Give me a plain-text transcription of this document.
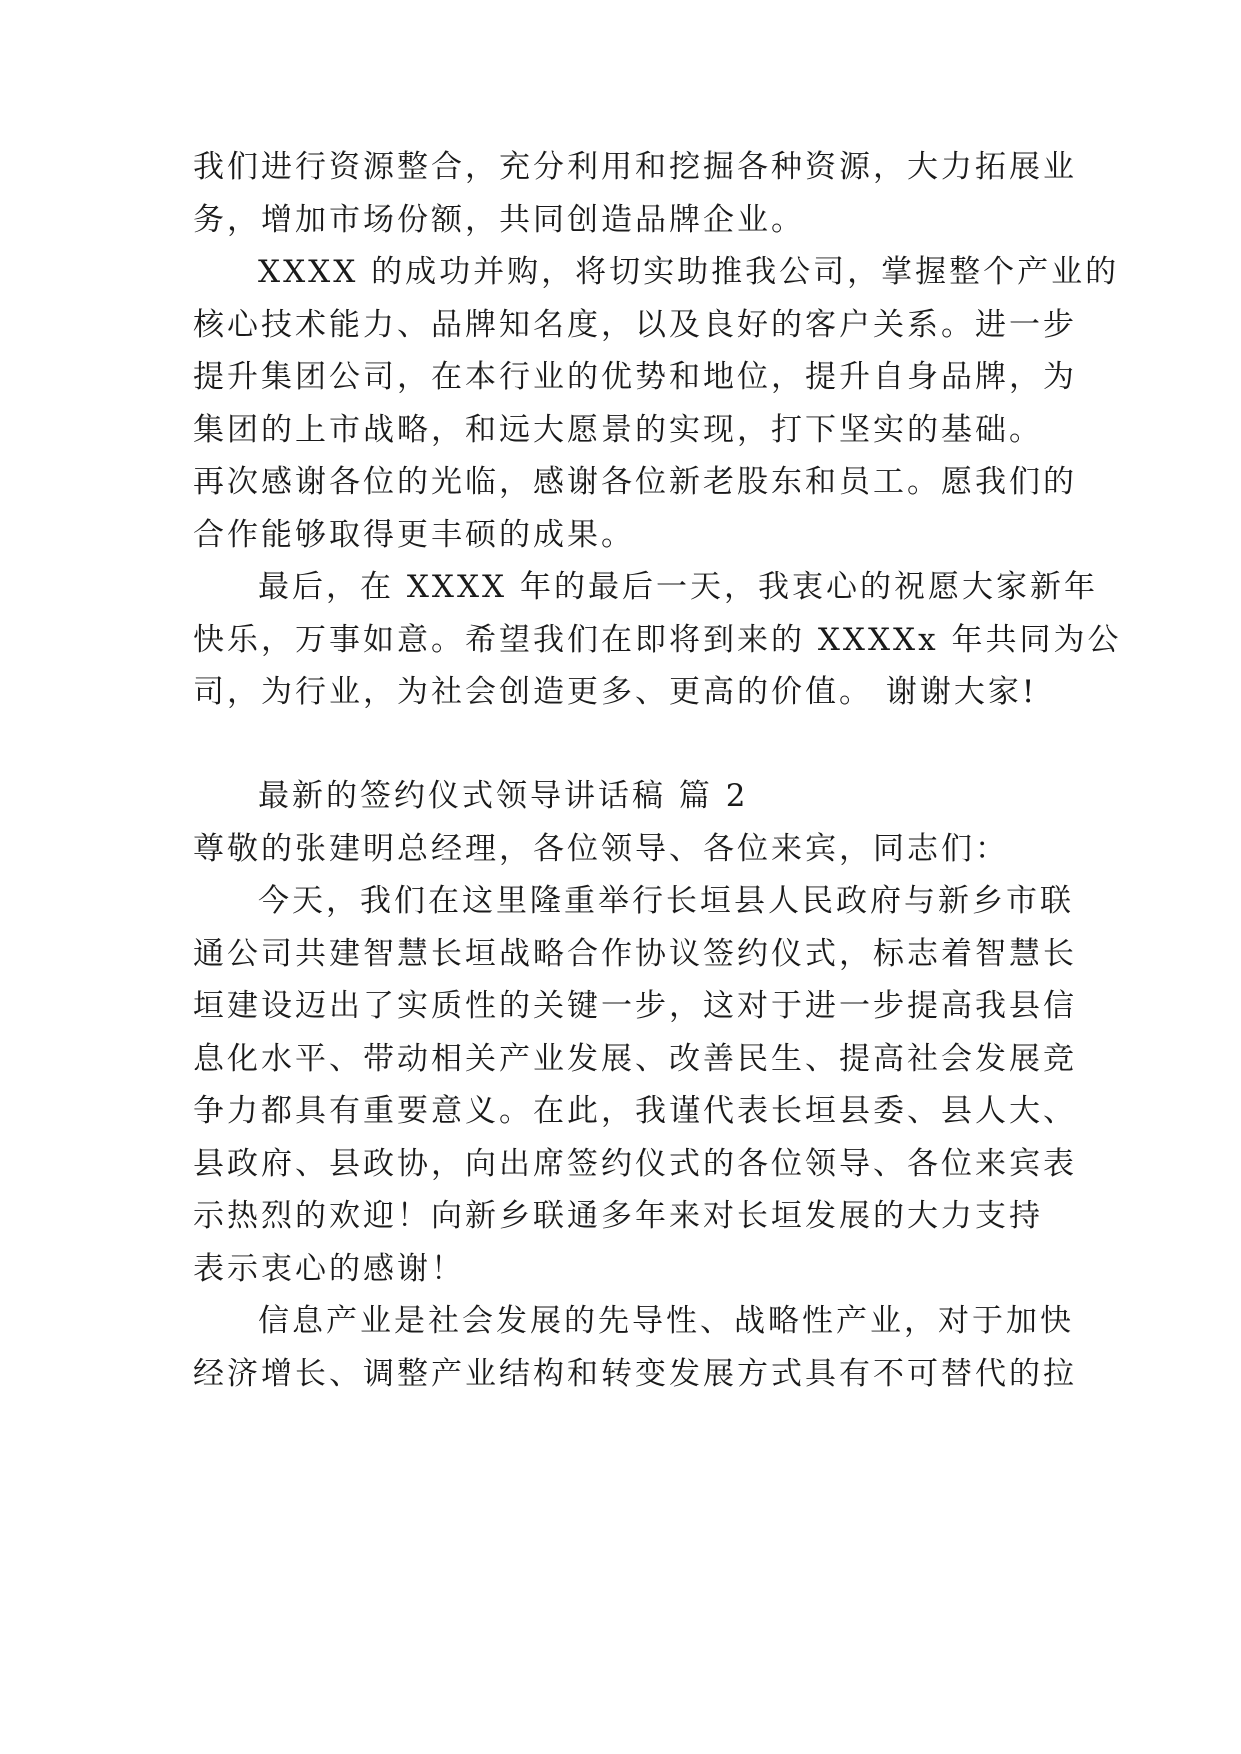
我们进行资源整合，充分利用和挖掘各种资源，大力拓展业
务，增加市场份额，共同创造品牌企业。
XXXX 的成功并购，将切实助推我公司，掌握整个产业的
核心技术能力、品牌知名度，以及良好的客户关系。进一步
提升集团公司，在本行业的优势和地位，提升自身品牌，为
集团的上市战略，和远大愿景的实现，打下坚实的基础。
再次感谢各位的光临，感谢各位新老股东和员工。愿我们的
合作能够取得更丰硕的成果。
最后，在 XXXX 年的最后一天，我衷心的祝愿大家新年
快乐，万事如意。希望我们在即将到来的 XXXXx 年共同为公
司，为行业，为社会创造更多、更高的价值。 谢谢大家!
最新的签约仪式领导讲话稿 篇 2
尊敬的张建明总经理，各位领导、各位来宾，同志们：
今天，我们在这里隆重举行长垣县人民政府与新乡市联
通公司共建智慧长垣战略合作协议签约仪式，标志着智慧长
垣建设迈出了实质性的关键一步，这对于进一步提高我县信
息化水平、带动相关产业发展、改善民生、提高社会发展竞
争力都具有重要意义。在此，我谨代表长垣县委、县人大、
县政府、县政协，向出席签约仪式的各位领导、各位来宾表
示热烈的欢迎！向新乡联通多年来对长垣发展的大力支持
表示衷心的感谢！
信息产业是社会发展的先导性、战略性产业，对于加快
经济增长、调整产业结构和转变发展方式具有不可替代的拉
